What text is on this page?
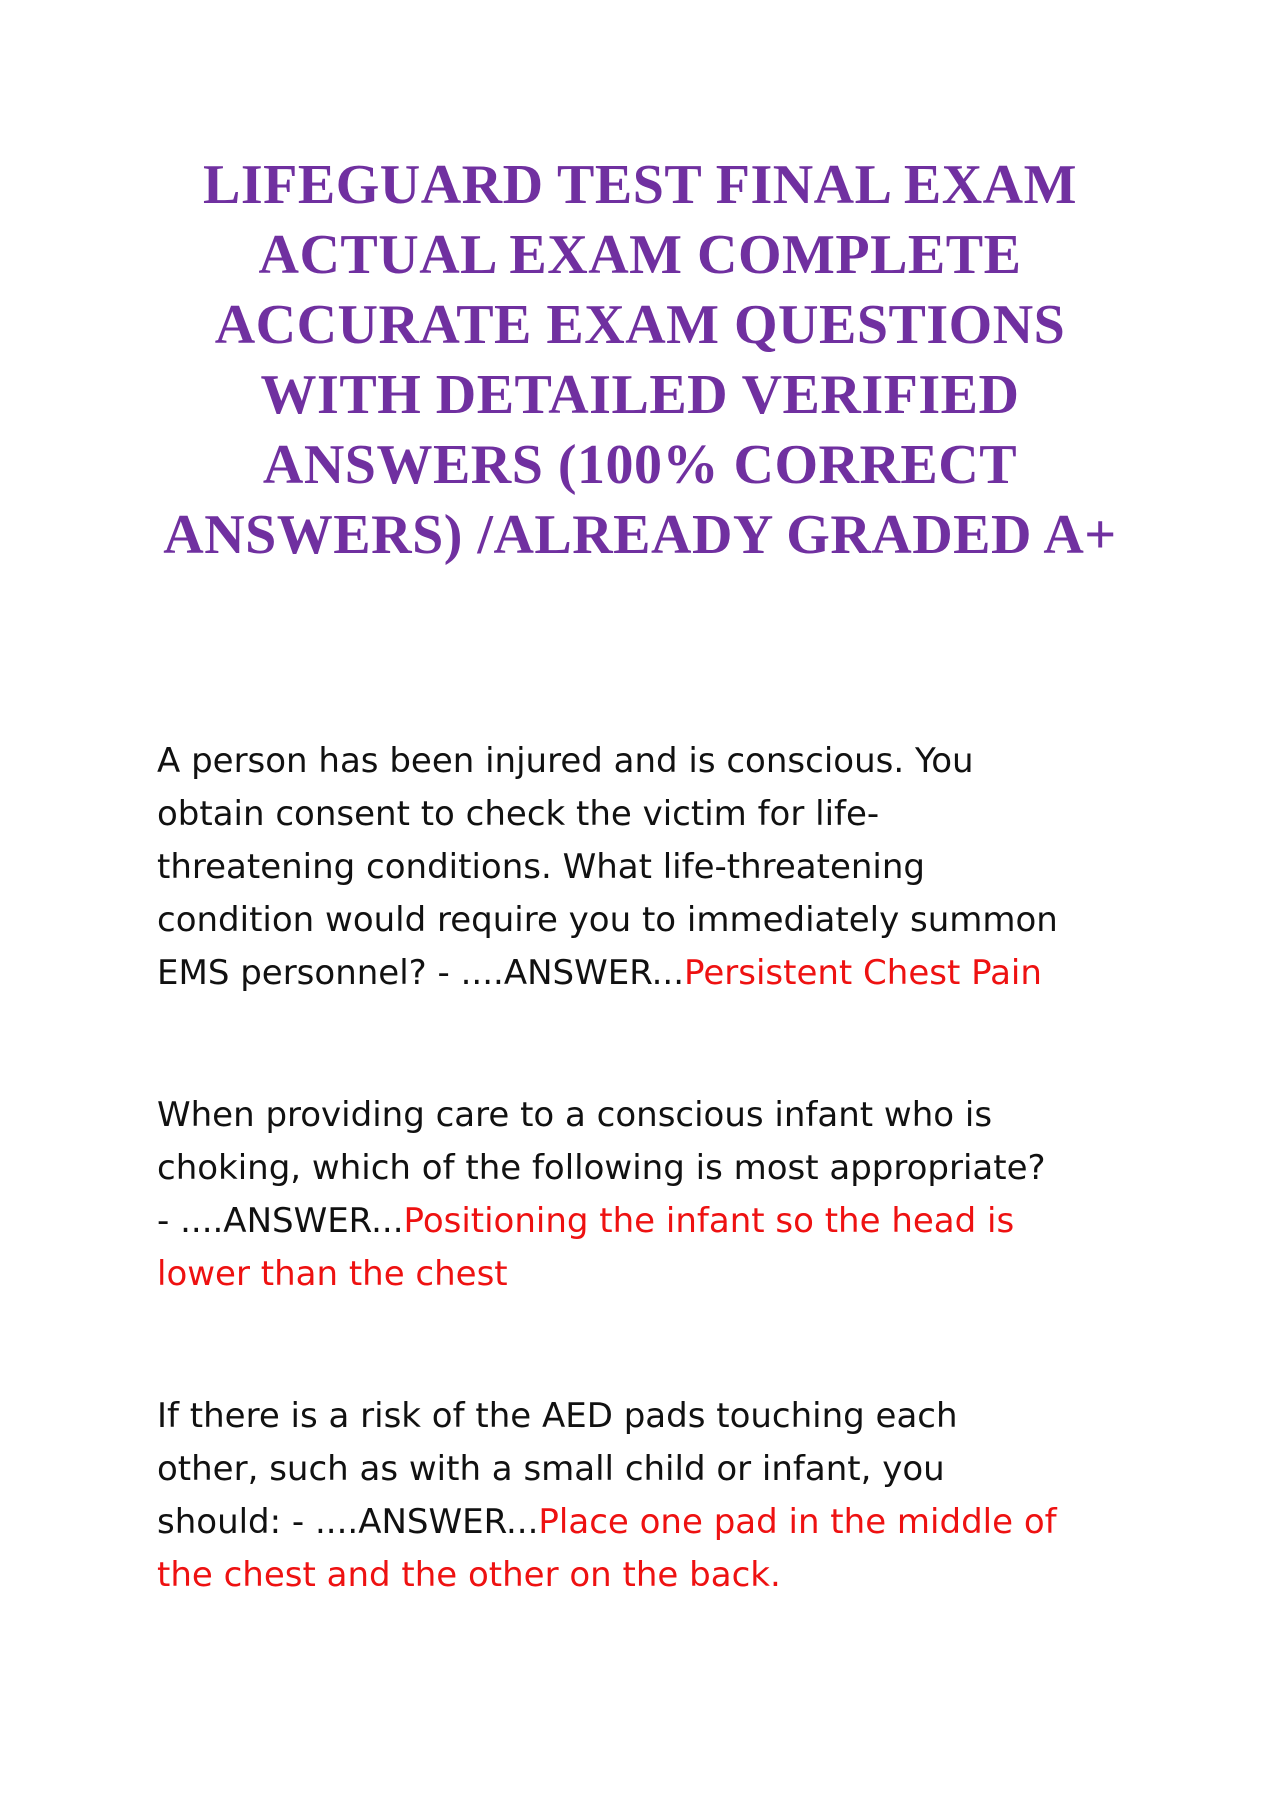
LIFEGUARD TEST FINAL EXAM
ACTUAL EXAM COMPLETE
ACCURATE EXAM QUESTIONS
WITH DETAILED VERIFIED
ANSWERS (100% CORRECT
ANSWERS) /ALREADY GRADED A+

A person has been injured and is conscious. You
obtain consent to check the victim for life-
threatening conditions. What life-threatening
condition would require you to immediately summon
EMS personnel? - ....ANSWER...Persistent Chest Pain

When providing care to a conscious infant who is
choking, which of the following is most appropriate?
- ....ANSWER...Positioning the infant so the head is
lower than the chest

If there is a risk of the AED pads touching each
other, such as with a small child or infant, you
should: - ....ANSWER...Place one pad in the middle of
the chest and the other on the back.
